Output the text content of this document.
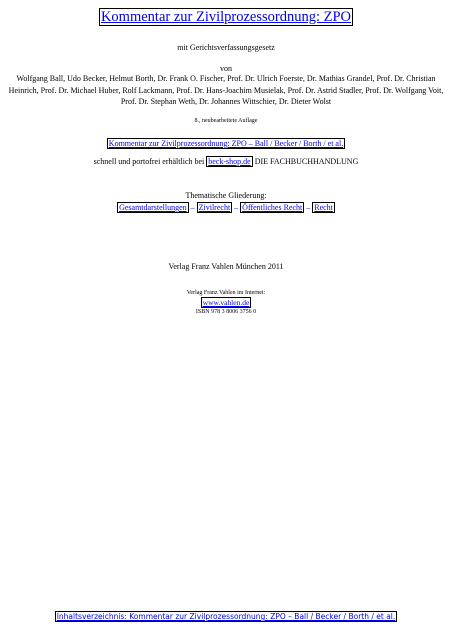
Kommentar zur Zivilprozessordnung: ZPO
mit Gerichtsverfassungsgesetz
von
Wolfgang Ball, Udo Becker, Helmut Borth, Dr. Frank O. Fischer, Prof. Dr. Ulrich Foerste, Dr. Mathias Grandel, Prof. Dr. Christian Heinrich, Prof. Dr. Michael Huber, Rolf Lackmann, Prof. Dr. Hans-Joachim Musielak, Prof. Dr. Astrid Stadler, Prof. Dr. Wolfgang Voit, Prof. Dr. Stephan Weth, Dr. Johannes Wittschier, Dr. Dieter Wolst
8., neubearbeitete Auflage
Kommentar zur Zivilprozessordnung: ZPO – Ball / Becker / Borth / et al.
schnell und portofrei erhältlich bei beck-shop.de DIE FACHBUCHHANDLUNG
Thematische Gliederung:
Gesamtdarstellungen – Zivilrecht – Öffentliches Recht – Recht
Verlag Franz Vahlen München 2011
Verlag Franz Vahlen im Internet:
www.vahlen.de
ISBN 978 3 8006 3756 0
Inhaltsverzeichnis: Kommentar zur Zivilprozessordnung: ZPO – Ball / Becker / Borth / et al.
